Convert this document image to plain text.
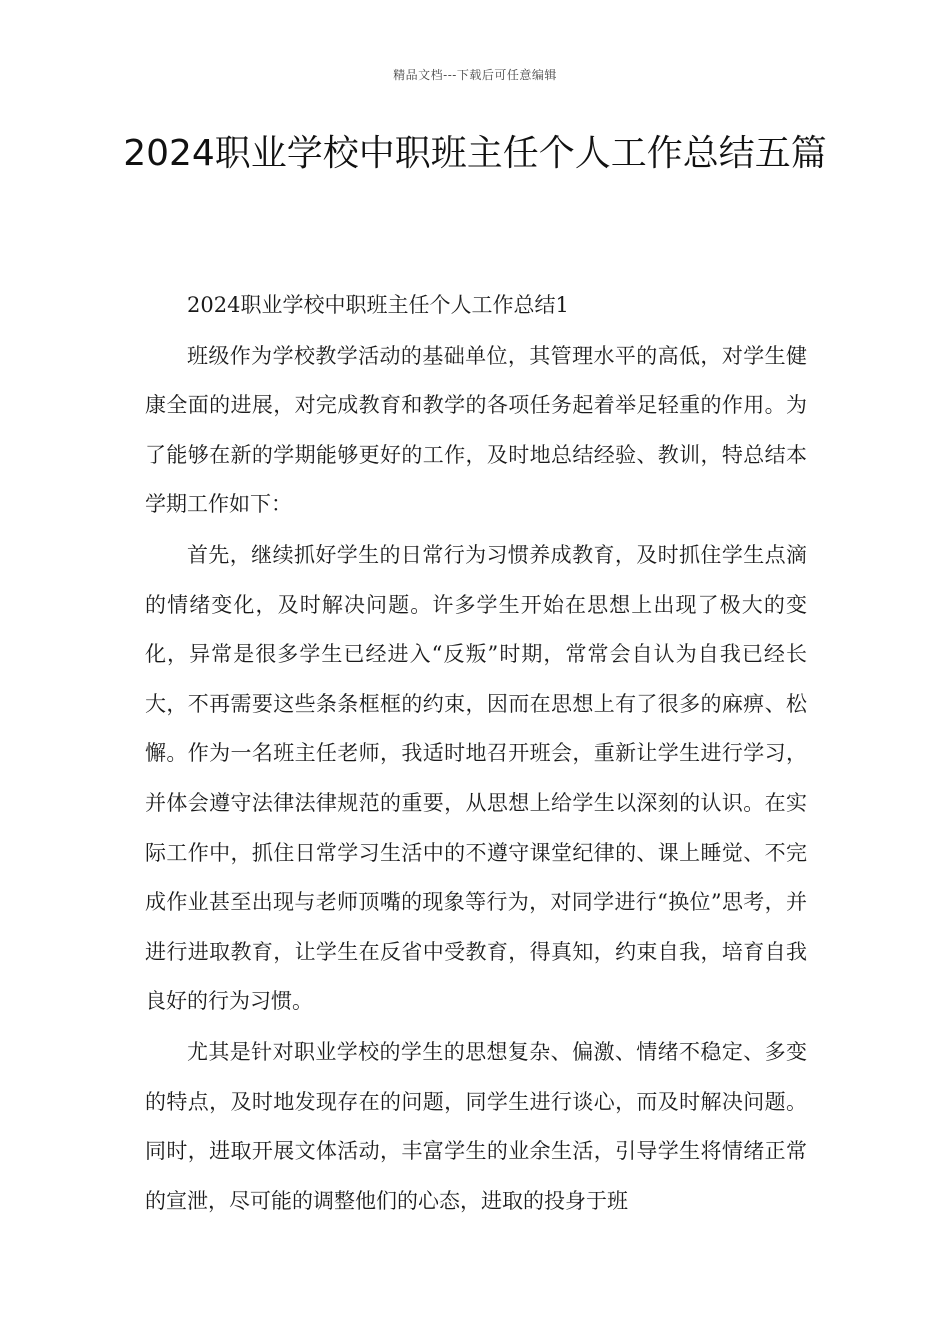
精品文档---下载后可任意编辑
2024职业学校中职班主任个人工作总结五篇

2024职业学校中职班主任个人工作总结1

班级作为学校教学活动的基础单位，其管理水平的高低，对学生健康全面的进展，对完成教育和教学的各项任务起着举足轻重的作用。为了能够在新的学期能够更好的工作，及时地总结经验、教训，特总结本学期工作如下：

首先，继续抓好学生的日常行为习惯养成教育，及时抓住学生点滴的情绪变化，及时解决问题。许多学生开始在思想上出现了极大的变化，异常是很多学生已经进入“反叛”时期，常常会自认为自我已经长大，不再需要这些条条框框的约束，因而在思想上有了很多的麻痹、松懈。作为一名班主任老师，我适时地召开班会，重新让学生进行学习，并体会遵守法律法律规范的重要，从思想上给学生以深刻的认识。在实际工作中，抓住日常学习生活中的不遵守课堂纪律的、课上睡觉、不完成作业甚至出现与老师顶嘴的现象等行为，对同学进行“换位”思考，并进行进取教育，让学生在反省中受教育，得真知，约束自我，培育自我良好的行为习惯。

尤其是针对职业学校的学生的思想复杂、偏激、情绪不稳定、多变的特点，及时地发现存在的问题，同学生进行谈心，而及时解决问题。同时，进取开展文体活动，丰富学生的业余生活，引导学生将情绪正常的宣泄，尽可能的调整他们的心态，进取的投身于班
